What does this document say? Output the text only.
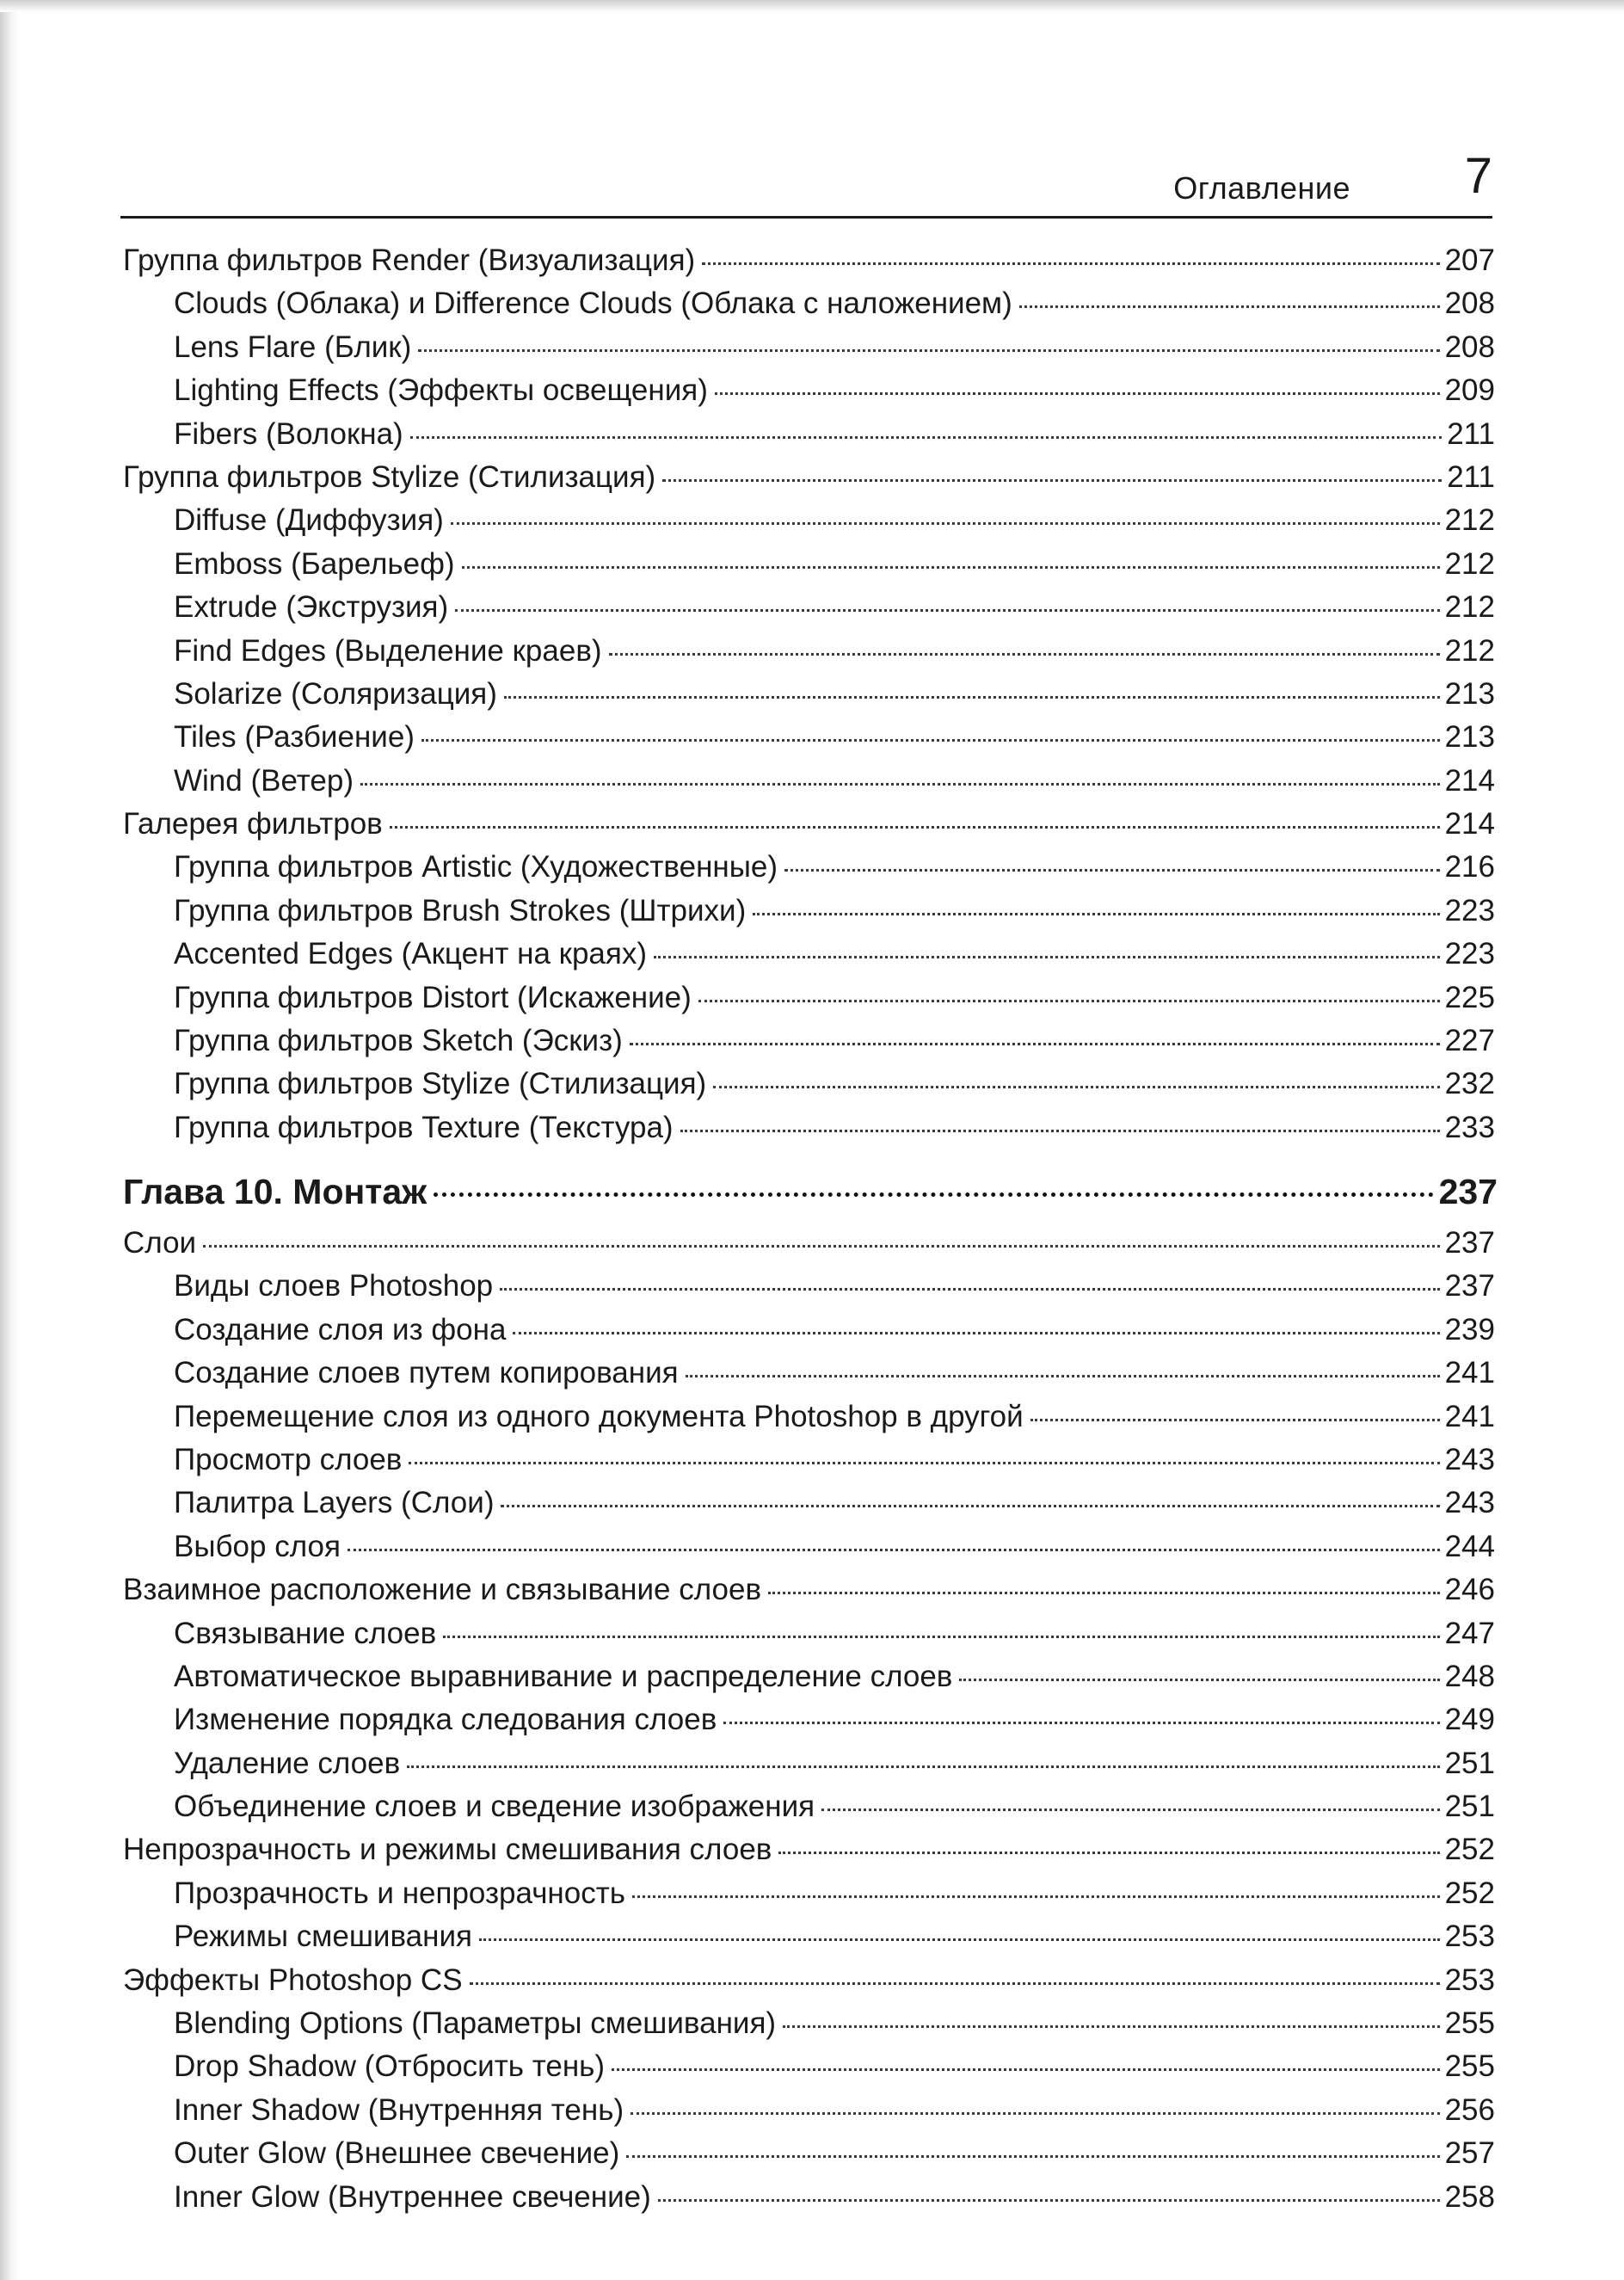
Оглавление 7
Группа фильтров Render (Визуализация)	207
Clouds (Облака) и Difference Clouds (Облака с наложением)	208
Lens Flare (Блик)	208
Lighting Effects (Эффекты освещения)	209
Fibers (Волокна)	211
Группа фильтров Stylize (Стилизация)	211
Diffuse (Диффузия)	212
Emboss (Барельеф)	212
Extrude (Экструзия)	212
Find Edges (Выделение краев)	212
Solarize (Соляризация)	213
Tiles (Разбиение)	213
Wind (Ветер)	214
Галерея фильтров	214
Группа фильтров Artistic (Художественные)	216
Группа фильтров Brush Strokes (Штрихи)	223
Accented Edges (Акцент на краях)	223
Группа фильтров Distort (Искажение)	225
Группа фильтров Sketch (Эскиз)	227
Группа фильтров Stylize (Стилизация)	232
Группа фильтров Texture (Текстура)	233
Глава 10. Монтаж	237
Слои	237
Виды слоев Photoshop	237
Создание слоя из фона	239
Создание слоев путем копирования	241
Перемещение слоя из одного документа Photoshop в другой	241
Просмотр слоев	243
Палитра Layers (Слои)	243
Выбор слоя	244
Взаимное расположение и связывание слоев	246
Связывание слоев	247
Автоматическое выравнивание и распределение слоев	248
Изменение порядка следования слоев	249
Удаление слоев	251
Объединение слоев и сведение изображения	251
Непрозрачность и режимы смешивания слоев	252
Прозрачность и непрозрачность	252
Режимы смешивания	253
Эффекты Photoshop CS	253
Blending Options (Параметры смешивания)	255
Drop Shadow (Отбросить тень)	255
Inner Shadow (Внутренняя тень)	256
Outer Glow (Внешнее свечение)	257
Inner Glow (Внутреннее свечение)	258
